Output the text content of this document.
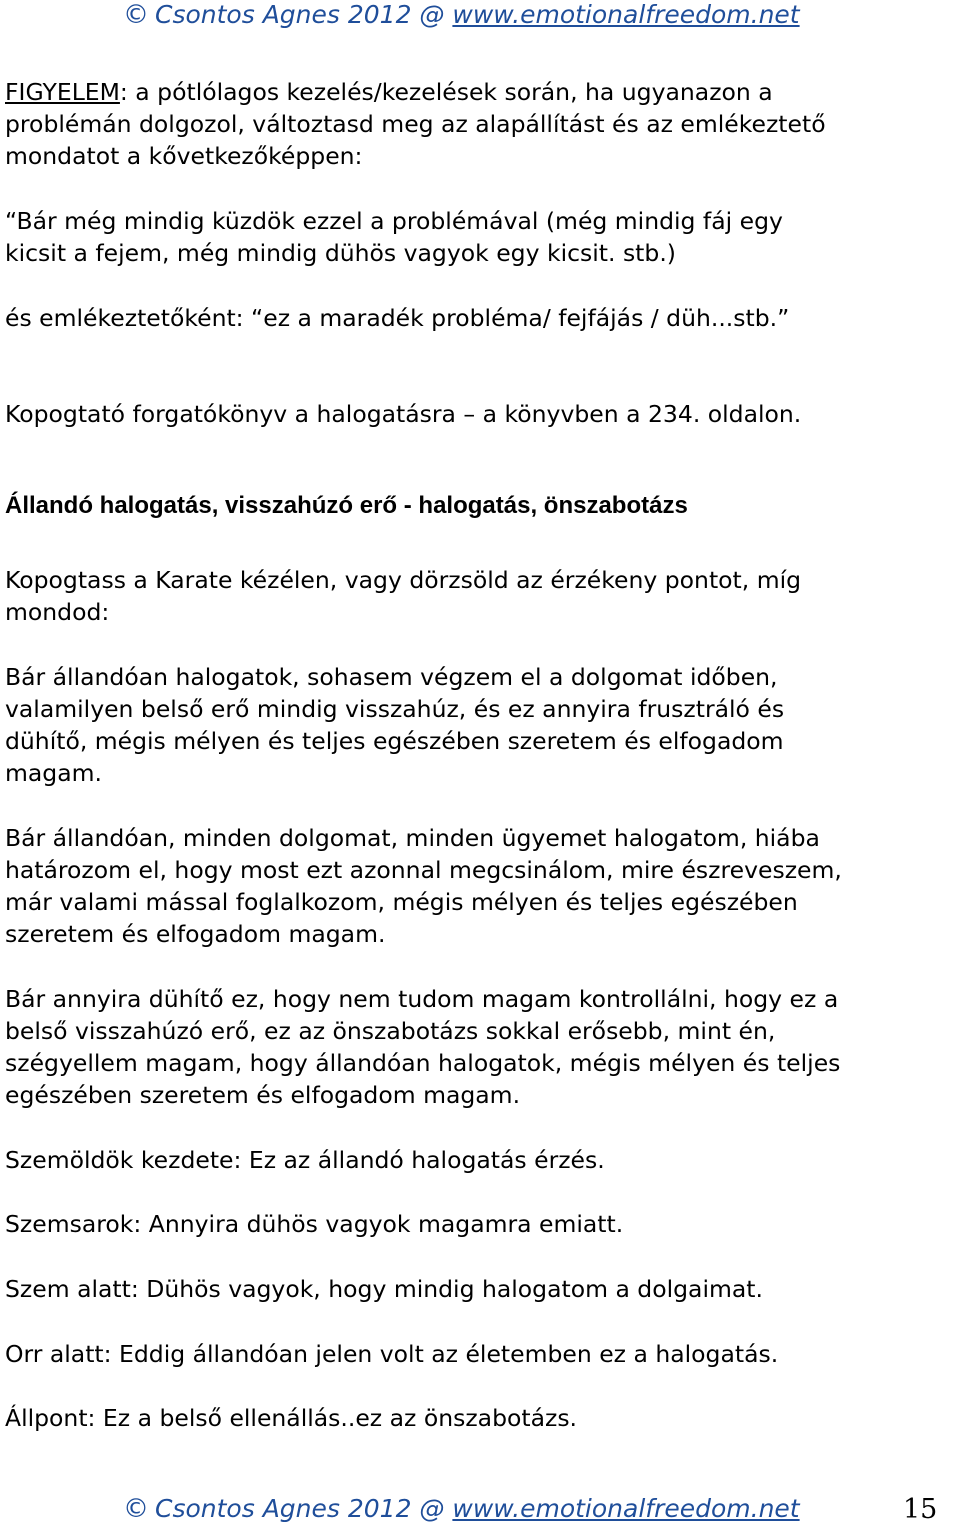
© Csontos Agnes 2012 @ www.emotionalfreedom.net
FIGYELEM: a pótlólagos kezelés/kezelések során, ha ugyanazon a
problémán dolgozol, változtasd meg az alapállítást és az emlékeztető
mondatot a kővetkezőképpen:
“Bár még mindig küzdök ezzel a problémával (még mindig fáj egy
kicsit a fejem, még mindig dühös vagyok egy kicsit. stb.)
és emlékeztetőként: “ez a maradék probléma/ fejfájás / düh...stb.”
Kopogtató forgatókönyv a halogatásra – a könyvben a 234. oldalon.
Állandó halogatás, visszahúzó erő - halogatás, önszabotázs
Kopogtass a Karate kézélen, vagy dörzsöld az érzékeny pontot, míg
mondod:
Bár állandóan halogatok, sohasem végzem el a dolgomat időben,
valamilyen belső erő mindig visszahúz, és ez annyira frusztráló és
dühítő, mégis mélyen és teljes egészében szeretem és elfogadom
magam.
Bár állandóan, minden dolgomat, minden ügyemet halogatom, hiába
határozom el, hogy most ezt azonnal megcsinálom, mire észreveszem,
már valami mással foglalkozom, mégis mélyen és teljes egészében
szeretem és elfogadom magam.
Bár annyira dühítő ez, hogy nem tudom magam kontrollálni, hogy ez a
belső visszahúzó erő, ez az önszabotázs sokkal erősebb, mint én,
szégyellem magam, hogy állandóan halogatok, mégis mélyen és teljes
egészében szeretem és elfogadom magam.
Szemöldök kezdete: Ez az állandó halogatás érzés.
Szemsarok: Annyira dühös vagyok magamra emiatt.
Szem alatt: Dühös vagyok, hogy mindig halogatom a dolgaimat.
Orr alatt: Eddig állandóan jelen volt az életemben ez a halogatás.
Állpont: Ez a belső ellenállás..ez az önszabotázs.
© Csontos Agnes 2012 @ www.emotionalfreedom.net	15
